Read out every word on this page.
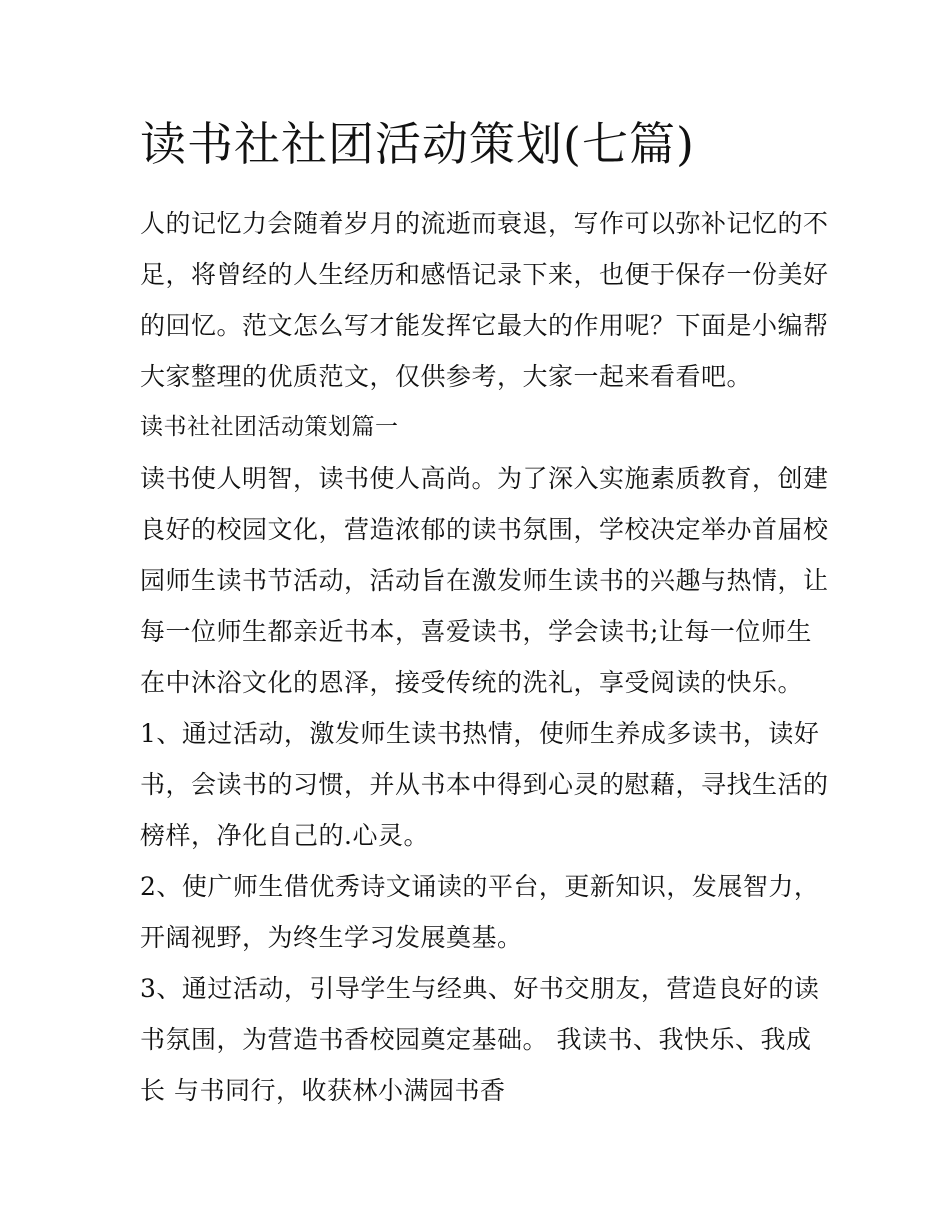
读书社社团活动策划(七篇)
人的记忆力会随着岁月的流逝而衰退，写作可以弥补记忆的不
足，将曾经的人生经历和感悟记录下来，也便于保存一份美好
的回忆。范文怎么写才能发挥它最大的作用呢？下面是小编帮
大家整理的优质范文，仅供参考，大家一起来看看吧。
读书社社团活动策划篇一
读书使人明智，读书使人高尚。为了深入实施素质教育，创建
良好的校园文化，营造浓郁的读书氛围，学校决定举办首届校
园师生读书节活动，活动旨在激发师生读书的兴趣与热情，让
每一位师生都亲近书本，喜爱读书，学会读书;让每一位师生
在中沐浴文化的恩泽，接受传统的洗礼，享受阅读的快乐。
1、通过活动，激发师生读书热情，使师生养成多读书，读好
书，会读书的习惯，并从书本中得到心灵的慰藉，寻找生活的
榜样，净化自己的.心灵。
2、使广师生借优秀诗文诵读的平台，更新知识，发展智力，
开阔视野，为终生学习发展奠基。
3、通过活动，引导学生与经典、好书交朋友，营造良好的读
书氛围，为营造书香校园奠定基础。 我读书、我快乐、我成
长 与书同行，收获林小满园书香
